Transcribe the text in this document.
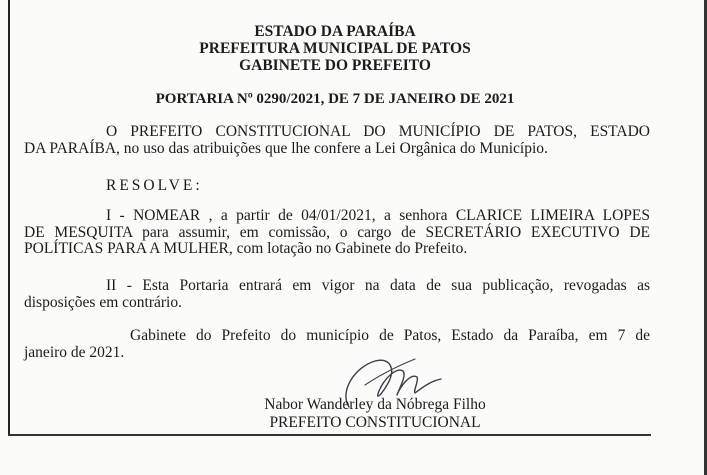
ESTADO DA PARAÍBA
PREFEITURA MUNICIPAL DE PATOS
GABINETE DO PREFEITO
PORTARIA Nº 0290/2021, DE 7 DE JANEIRO DE 2021
O PREFEITO CONSTITUCIONAL DO MUNICÍPIO DE PATOS, ESTADO
DA PARAÍBA, no uso das atribuições que lhe confere a Lei Orgânica do Município.
RESOLVE:
I - NOMEAR , a partir de 04/01/2021, a senhora CLARICE LIMEIRA LOPES
DE MESQUITA para assumir, em comissão, o cargo de SECRETÁRIO EXECUTIVO DE
POLÍTICAS PARA A MULHER, com lotação no Gabinete do Prefeito.
II - Esta Portaria entrará em vigor na data de sua publicação, revogadas as
disposições em contrário.
Gabinete do Prefeito do município de Patos, Estado da Paraíba, em 7 de
janeiro de 2021.
Nabor Wanderley da Nóbrega Filho
PREFEITO CONSTITUCIONAL
